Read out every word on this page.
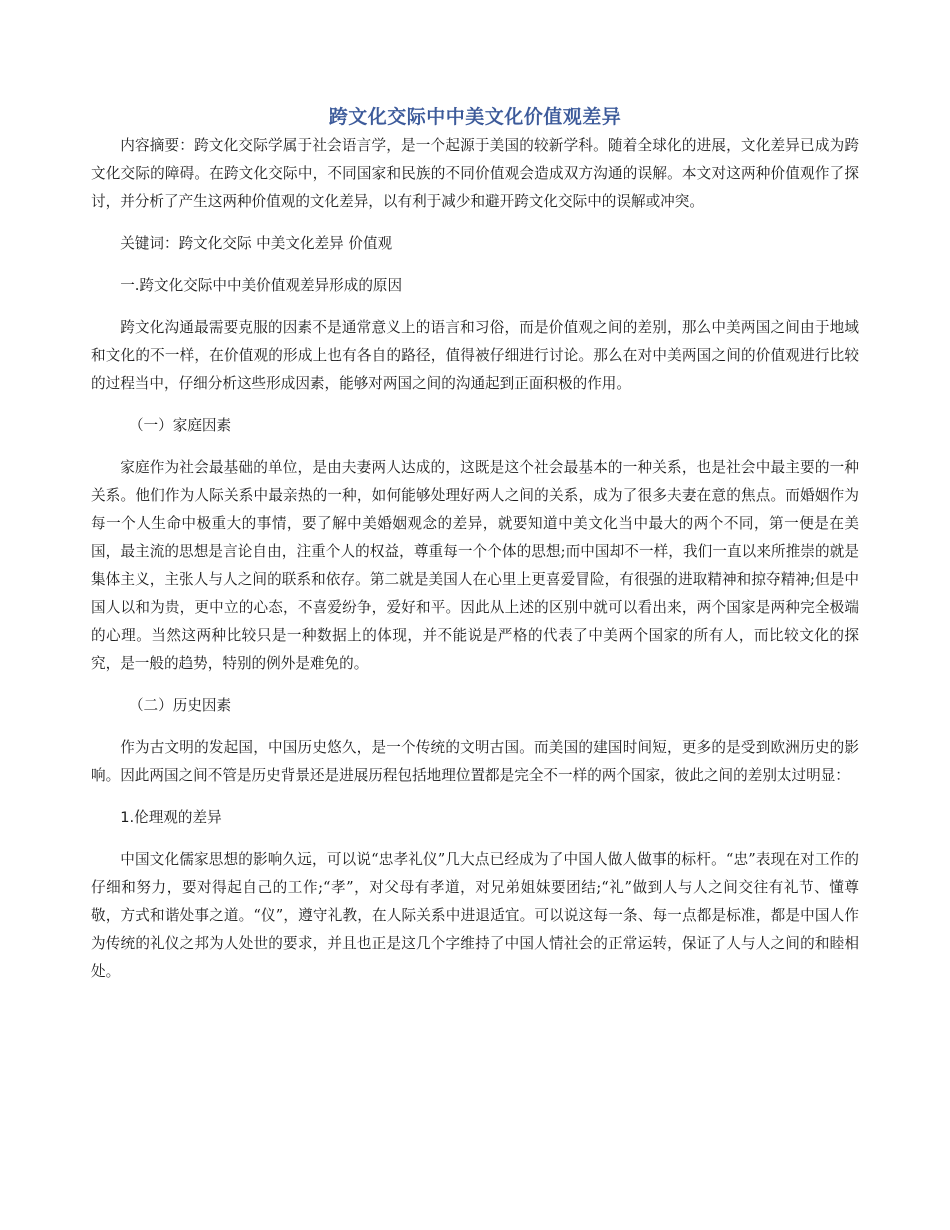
跨文化交际中中美文化价值观差异

内容摘要：跨文化交际学属于社会语言学，是一个起源于美国的较新学科。随着全球化的进展，文化差异已成为跨文化交际的障碍。在跨文化交际中，不同国家和民族的不同价值观会造成双方沟通的误解。本文对这两种价值观作了探讨，并分析了产生这两种价值观的文化差异，以有利于减少和避开跨文化交际中的误解或冲突。

关键词：跨文化交际 中美文化差异 价值观

一.跨文化交际中中美价值观差异形成的原因

跨文化沟通最需要克服的因素不是通常意义上的语言和习俗，而是价值观之间的差别，那么中美两国之间由于地域和文化的不一样，在价值观的形成上也有各自的路径，值得被仔细进行讨论。那么在对中美两国之间的价值观进行比较的过程当中，仔细分析这些形成因素，能够对两国之间的沟通起到正面积极的作用。

（一）家庭因素

家庭作为社会最基础的单位，是由夫妻两人达成的，这既是这个社会最基本的一种关系，也是社会中最主要的一种关系。他们作为人际关系中最亲热的一种，如何能够处理好两人之间的关系，成为了很多夫妻在意的焦点。而婚姻作为每一个人生命中极重大的事情，要了解中美婚姻观念的差异，就要知道中美文化当中最大的两个不同，第一便是在美国，最主流的思想是言论自由，注重个人的权益，尊重每一个个体的思想;而中国却不一样，我们一直以来所推崇的就是集体主义，主张人与人之间的联系和依存。第二就是美国人在心里上更喜爱冒险，有很强的进取精神和掠夺精神;但是中国人以和为贵，更中立的心态，不喜爱纷争，爱好和平。因此从上述的区别中就可以看出来，两个国家是两种完全极端的心理。当然这两种比较只是一种数据上的体现，并不能说是严格的代表了中美两个国家的所有人，而比较文化的探究，是一般的趋势，特别的例外是难免的。

（二）历史因素

作为古文明的发起国，中国历史悠久，是一个传统的文明古国。而美国的建国时间短，更多的是受到欧洲历史的影响。因此两国之间不管是历史背景还是进展历程包括地理位置都是完全不一样的两个国家，彼此之间的差别太过明显：

1.伦理观的差异

中国文化儒家思想的影响久远，可以说“忠孝礼仪”几大点已经成为了中国人做人做事的标杆。“忠”表现在对工作的仔细和努力，要对得起自己的工作;“孝”，对父母有孝道，对兄弟姐妹要团结;“礼”做到人与人之间交往有礼节、懂尊敬，方式和谐处事之道。“仪”，遵守礼教，在人际关系中进退适宜。可以说这每一条、每一点都是标准，都是中国人作为传统的礼仪之邦为人处世的要求，并且也正是这几个字维持了中国人情社会的正常运转，保证了人与人之间的和睦相处。
